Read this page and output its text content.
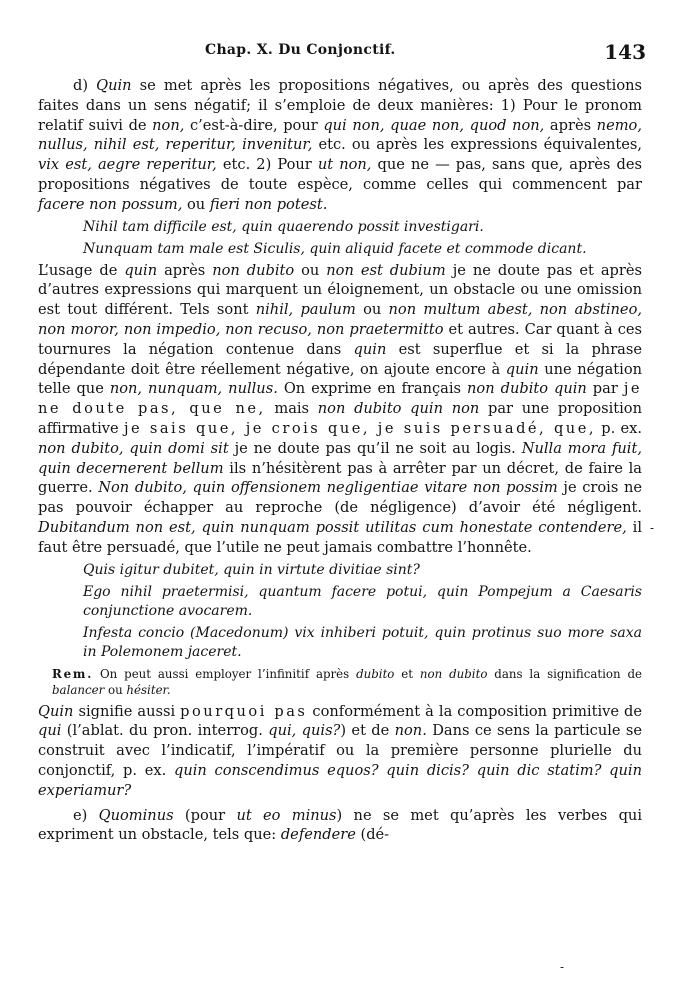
Chap. X. Du Conjonctif.	143

d) Quin se met après les propositions négatives, ou après des questions faites dans un sens négatif; il s’emploie de deux manières: 1) Pour le pronom relatif suivi de non, c’est-à-dire, pour qui non, quae non, quod non, après nemo, nullus, nihil est, reperitur, invenitur, etc. ou après les expressions équivalentes, vix est, aegre reperitur, etc. 2) Pour ut non, que ne — pas, sans que, après des propositions négatives de toute espèce, comme celles qui commencent par facere non possum, ou fieri non potest.

Nihil tam difficile est, quin quaerendo possit investigari.

Nunquam tam male est Siculis, quin aliquid facete et commode dicant.

L’usage de quin après non dubito ou non est dubium je ne doute pas et après d’autres expressions qui marquent un éloignement, un obstacle ou une omission est tout différent. Tels sont nihil, paulum ou non multum abest, non abstineo, non moror, non impedio, non recuso, non praetermitto et autres. Car quant à ces tournures la négation contenue dans quin est superflue et si la phrase dépendante doit être réellement négative, on ajoute encore à quin une négation telle que non, nunquam, nullus. On exprime en français non dubito quin par je ne doute pas, que ne, mais non dubito quin non par une proposition affirmative je sais que, je crois que, je suis persuadé, que, p. ex. non dubito, quin domi sit je ne doute pas qu’il ne soit au logis. Nulla mora fuit, quin decernerent bellum ils n’hésitèrent pas à arrêter par un décret, de faire la guerre. Non dubito, quin offensionem negligentiae vitare non possim je crois ne pas pouvoir échapper au reproche (de négligence) d’avoir été négligent. Dubitandum non est, quin nunquam possit utilitas cum honestate contendere, il faut être persuadé, que l’utile ne peut jamais combattre l’honnête.

Quis igitur dubitet, quin in virtute divitiae sint?

Ego nihil praetermisi, quantum facere potui, quin Pompejum a Caesaris conjunctione avocarem.

Infesta concio (Macedonum) vix inhiberi potuit, quin protinus suo more saxa in Polemonem jaceret.

Rem. On peut aussi employer l’infinitif après dubito et non dubito dans la signification de balancer ou hésiter.

Quin signifie aussi pourquoi pas conformément à la composition primitive de qui (l’ablat. du pron. interrog. qui, quis?) et de non. Dans ce sens la particule se construit avec l’indicatif, l’impératif ou la première personne plurielle du conjonctif, p. ex. quin conscendimus equos? quin dicis? quin dic statim? quin experiamur?

e) Quominus (pour ut eo minus) ne se met qu’après les verbes qui expriment un obstacle, tels que: defendere (dé-

‐
‐
